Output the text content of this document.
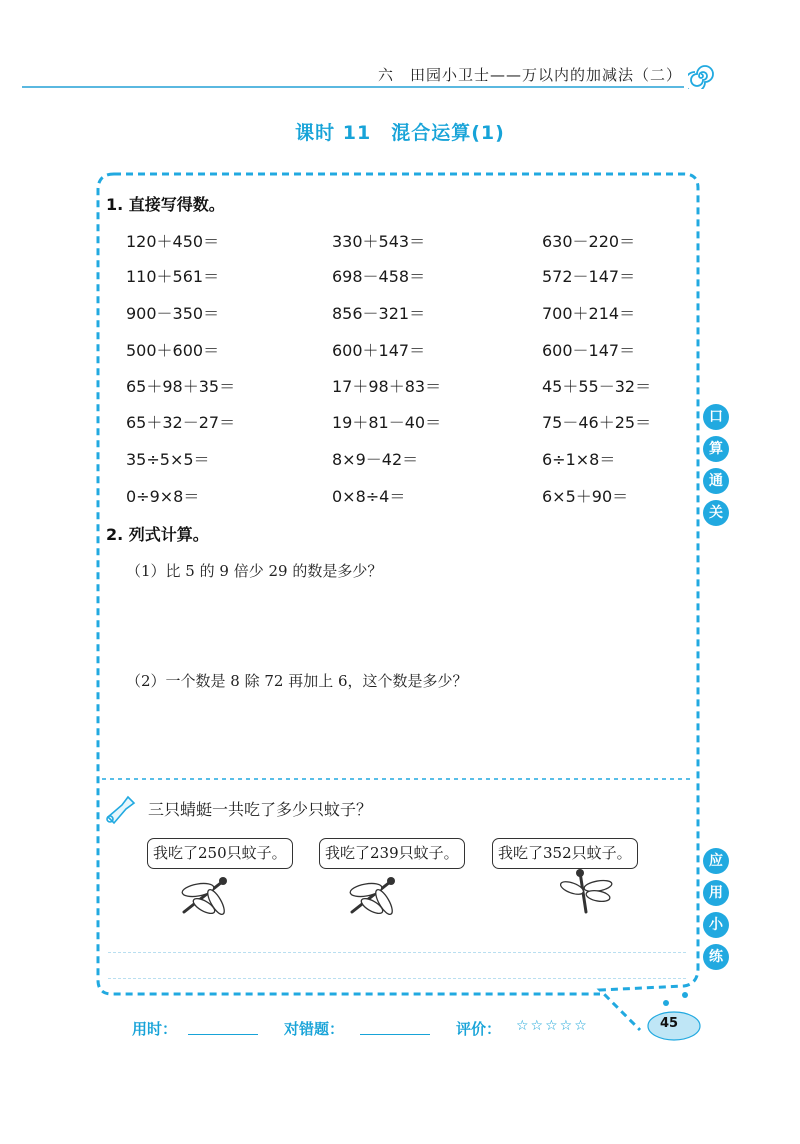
六　田园小卫士——万以内的加减法（二）
课时 11　混合运算(1)
1. 直接写得数。
120＋450＝	330＋543＝	630－220＝
110＋561＝	698－458＝	572－147＝
900－350＝	856－321＝	700＋214＝
500＋600＝	600＋147＝	600－147＝
65＋98＋35＝	17＋98＋83＝	45＋55－32＝
65＋32－27＝	19＋81－40＝	75－46＋25＝
35÷5×5＝	8×9－42＝	6÷1×8＝
0÷9×8＝	0×8÷4＝	6×5＋90＝
2. 列式计算。
（1）比 5 的 9 倍少 29 的数是多少？
（2）一个数是 8 除 72 再加上 6，这个数是多少？
三只蜻蜓一共吃了多少只蚊子？
我吃了250只蚊子。	我吃了239只蚊子。	我吃了352只蚊子。
口
算
通
关
应
用
小
练
用时：	对错题：	评价： ☆☆☆☆☆	45
